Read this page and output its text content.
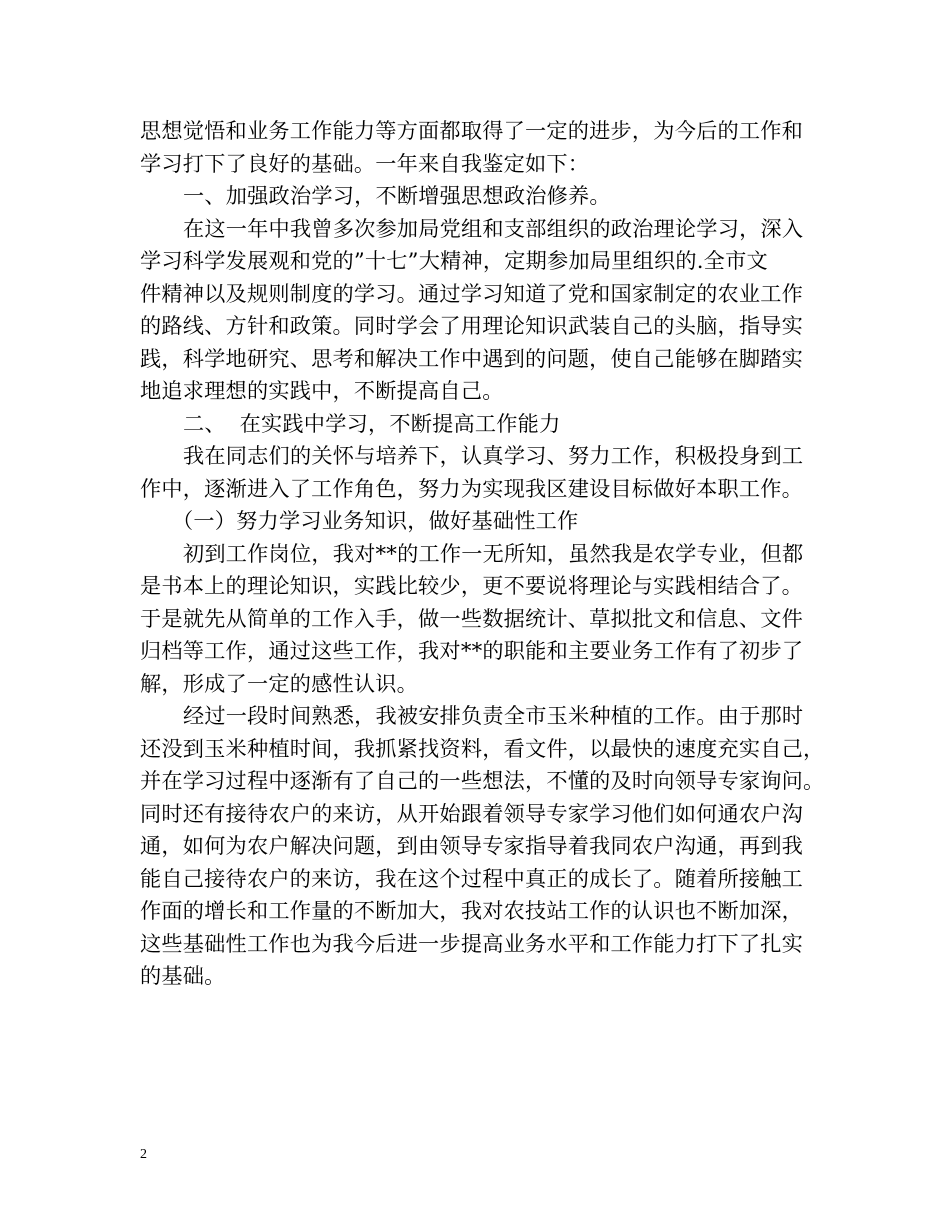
思想觉悟和业务工作能力等方面都取得了一定的进步，为今后的工作和
学习打下了良好的基础。一年来自我鉴定如下：
一、加强政治学习，不断增强思想政治修养。
在这一年中我曾多次参加局党组和支部组织的政治理论学习，深入
学习科学发展观和党的”十七”大精神，定期参加局里组织的.全市文
件精神以及规则制度的学习。通过学习知道了党和国家制定的农业工作
的路线、方针和政策。同时学会了用理论知识武装自己的头脑，指导实
践，科学地研究、思考和解决工作中遇到的问题，使自己能够在脚踏实
地追求理想的实践中，不断提高自己。
二、  在实践中学习，不断提高工作能力
我在同志们的关怀与培养下，认真学习、努力工作，积极投身到工
作中，逐渐进入了工作角色，努力为实现我区建设目标做好本职工作。
（一）努力学习业务知识，做好基础性工作
初到工作岗位，我对**的工作一无所知，虽然我是农学专业，但都
是书本上的理论知识，实践比较少，更不要说将理论与实践相结合了。
于是就先从简单的工作入手，做一些数据统计、草拟批文和信息、文件
归档等工作，通过这些工作，我对**的职能和主要业务工作有了初步了
解，形成了一定的感性认识。
经过一段时间熟悉，我被安排负责全市玉米种植的工作。由于那时
还没到玉米种植时间，我抓紧找资料，看文件，以最快的速度充实自己，
并在学习过程中逐渐有了自己的一些想法，不懂的及时向领导专家询问。
同时还有接待农户的来访，从开始跟着领导专家学习他们如何通农户沟
通，如何为农户解决问题，到由领导专家指导着我同农户沟通，再到我
能自己接待农户的来访，我在这个过程中真正的成长了。随着所接触工
作面的增长和工作量的不断加大，我对农技站工作的认识也不断加深，
这些基础性工作也为我今后进一步提高业务水平和工作能力打下了扎实
的基础。
2
